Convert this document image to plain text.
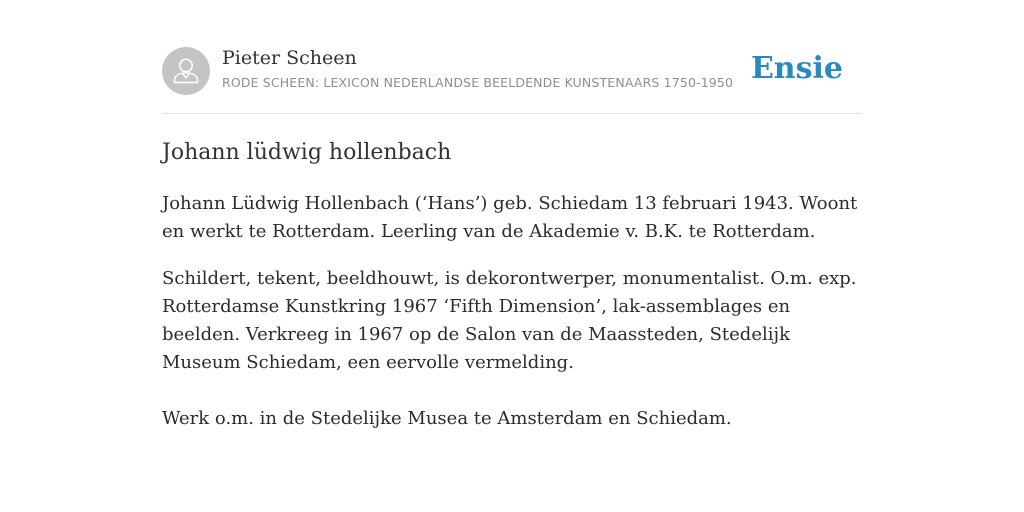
Pieter Scheen
RODE SCHEEN: LEXICON NEDERLANDSE BEELDENDE KUNSTENAARS 1750-1950 Ensie
Johann lüdwig hollenbach

Johann Lüdwig Hollenbach (‘Hans’) geb. Schiedam 13 februari 1943. Woont en werkt te Rotterdam. Leerling van de Akademie v. B.K. te Rotterdam.

Schildert, tekent, beeldhouwt, is dekorontwerper, monumentalist. O.m. exp. Rotterdamse Kunstkring 1967 ‘Fifth Dimension’, lak-assemblages en beelden. Verkreeg in 1967 op de Salon van de Maassteden, Stedelijk Museum Schiedam, een eervolle vermelding.

Werk o.m. in de Stedelijke Musea te Amsterdam en Schiedam.
